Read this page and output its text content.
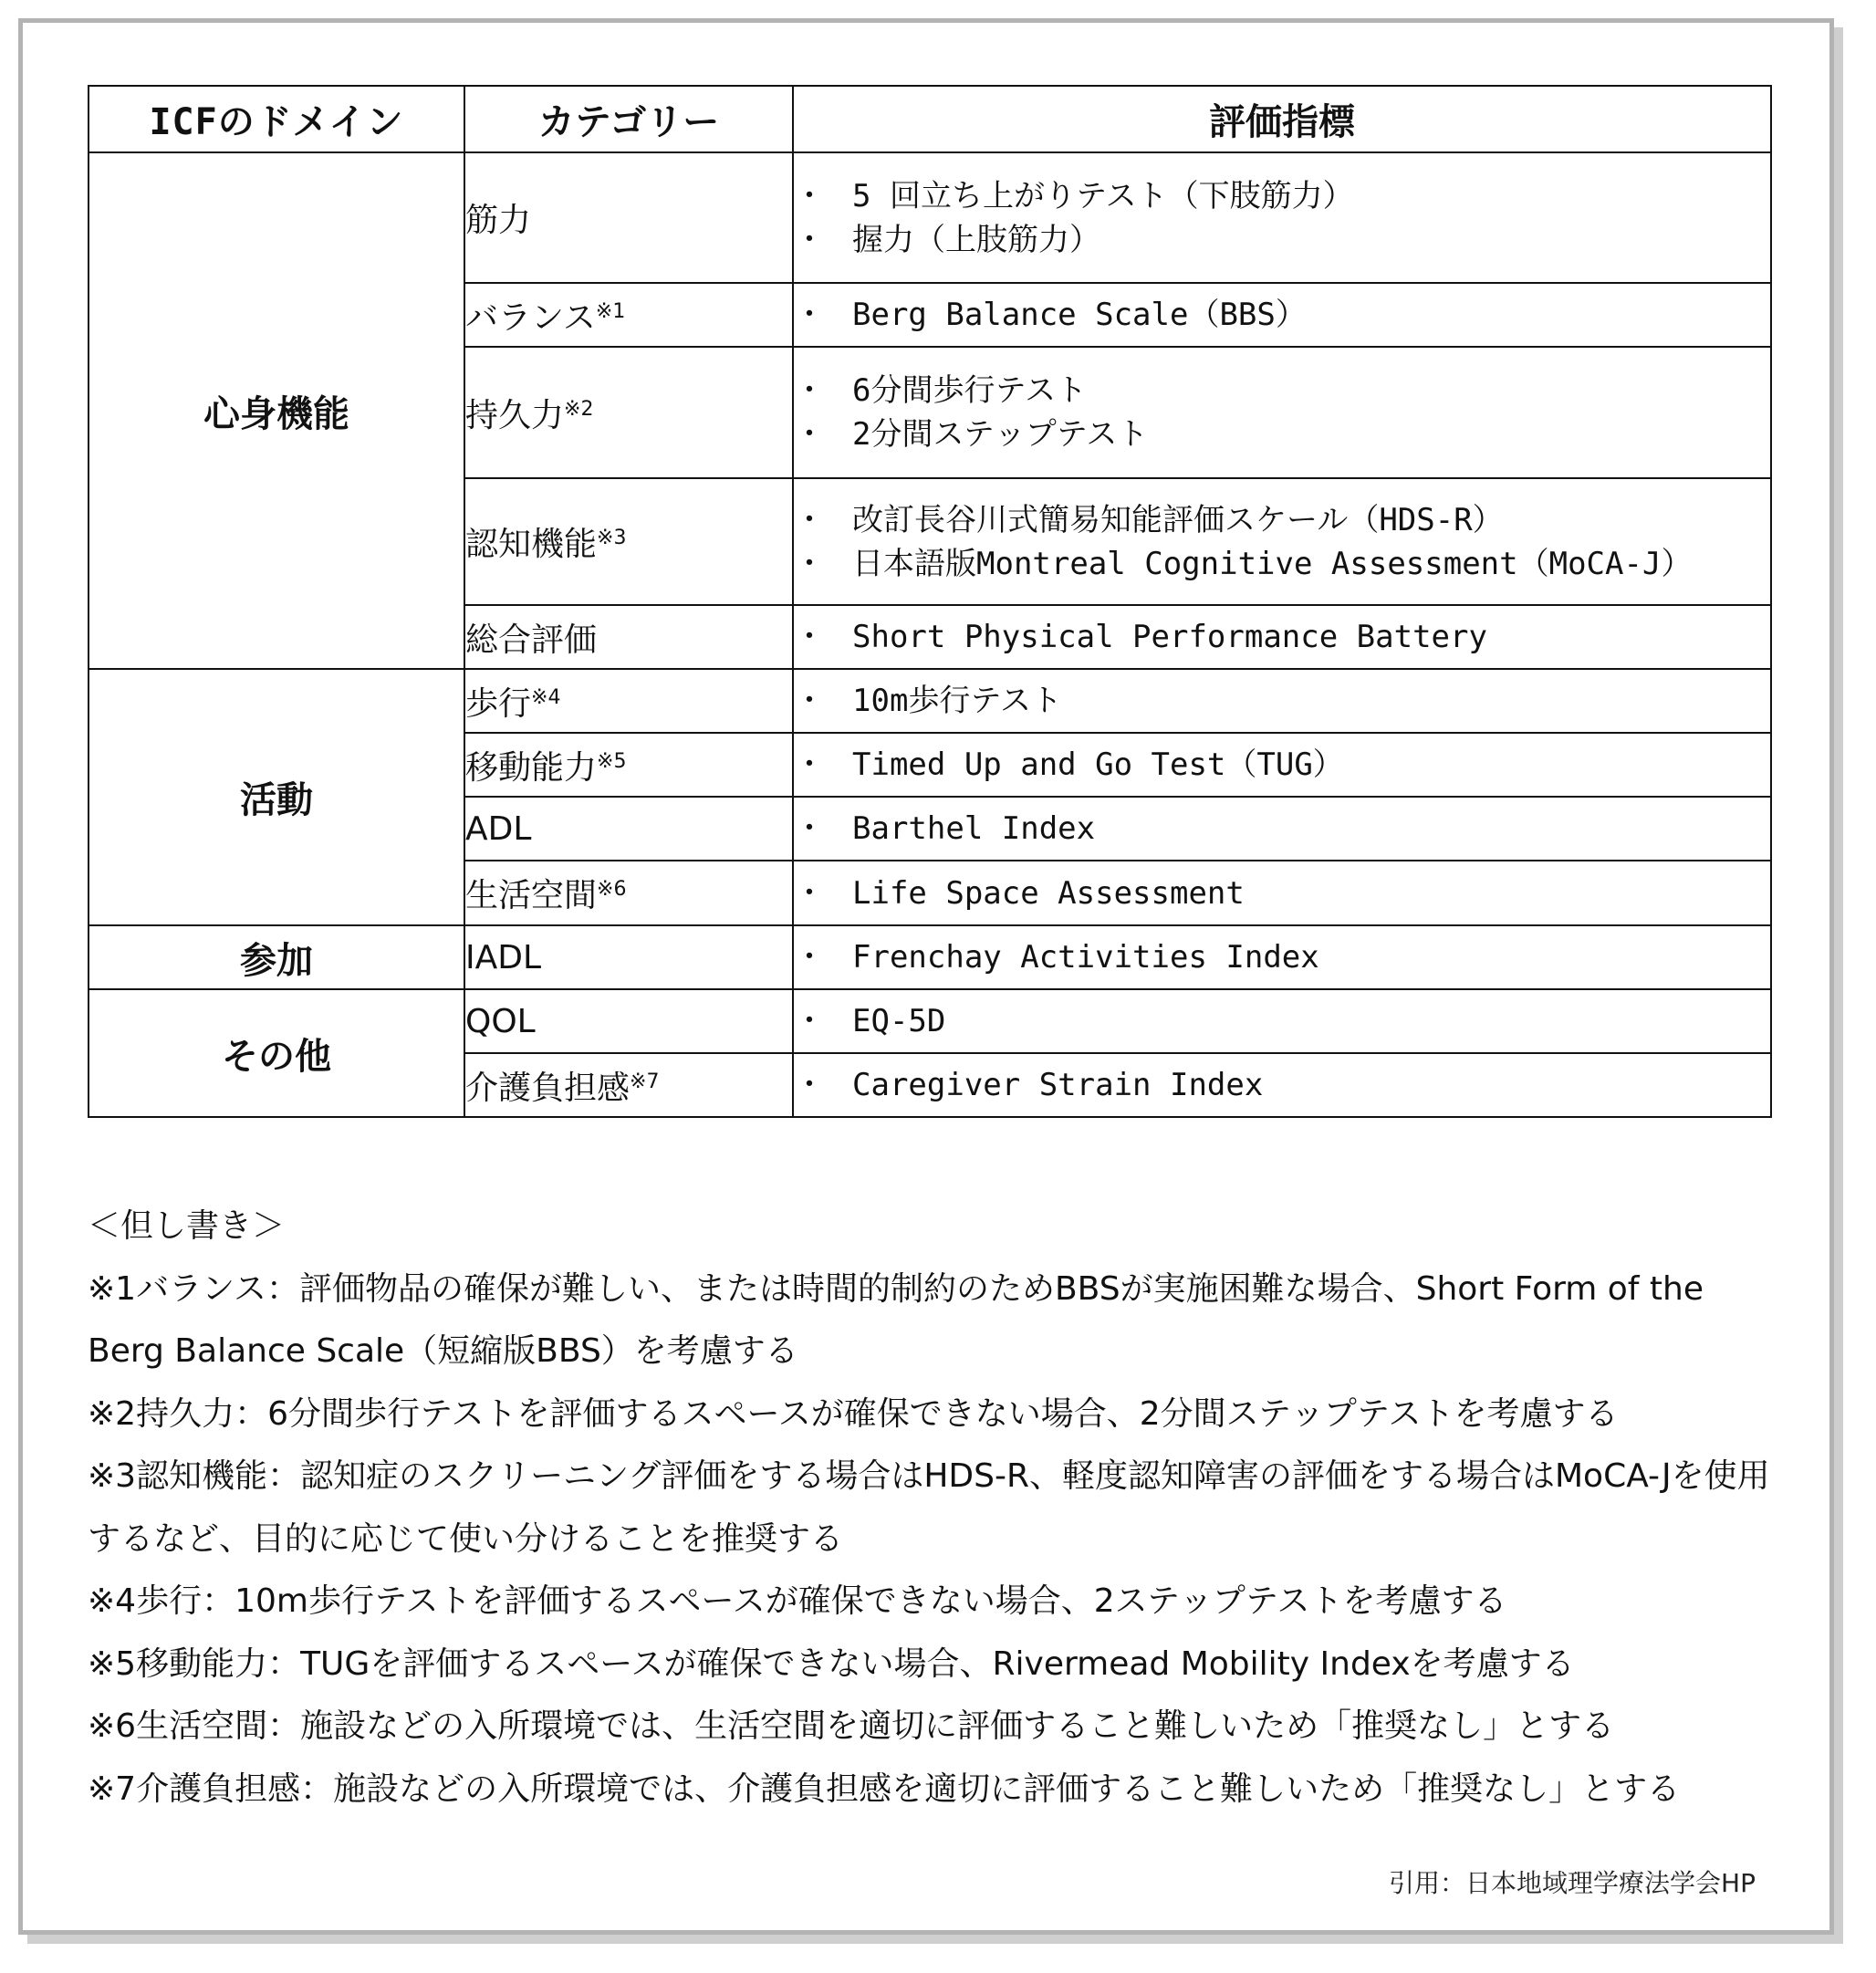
ICFのドメイン	カテゴリー	評価指標
心身機能	筋力	・ 5 回立ち上がりテスト（下肢筋力）
・ 握力（上肢筋力）

	バランス$^{※1}$	・ Berg Balance Scale（BBS）

	持久力$^{※2}$	・ 6分間歩行テスト
・ 2分間ステップテスト

	認知機能$^{※3}$	・ 改訂長谷川式簡易知能評価スケール（HDS-R）
・ 日本語版Montreal Cognitive Assessment（MoCA-J）

	総合評価	・ Short Physical Performance Battery

活動	歩行$^{※4}$	・ 10m歩行テスト

	移動能力$^{※5}$	・ Timed Up and Go Test（TUG）

	ADL	・ Barthel Index

	生活空間$^{※6}$	・ Life Space Assessment

参加	IADL	・ Frenchay Activities Index

その他	QOL	・ EQ-5D

	介護負担感$^{※7}$	・ Caregiver Strain Index

＜但し書き＞

※1バランス：評価物品の確保が難しい、または時間的制約のためBBSが実施困難な場合、Short Form of the Berg Balance Scale（短縮版BBS）を考慮する

※2持久力：6分間歩行テストを評価するスペースが確保できない場合、2分間ステップテストを考慮する

※3認知機能：認知症のスクリーニング評価をする場合はHDS-R、軽度認知障害の評価をする場合はMoCA-Jを使用するなど、目的に応じて使い分けることを推奨する

※4歩行：10m歩行テストを評価するスペースが確保できない場合、2ステップテストを考慮する

※5移動能力：TUGを評価するスペースが確保できない場合、Rivermead Mobility Indexを考慮する

※6生活空間：施設などの入所環境では、生活空間を適切に評価すること難しいため「推奨なし」とする

※7介護負担感：施設などの入所環境では、介護負担感を適切に評価すること難しいため「推奨なし」とする

引用：日本地域理学療法学会HP
